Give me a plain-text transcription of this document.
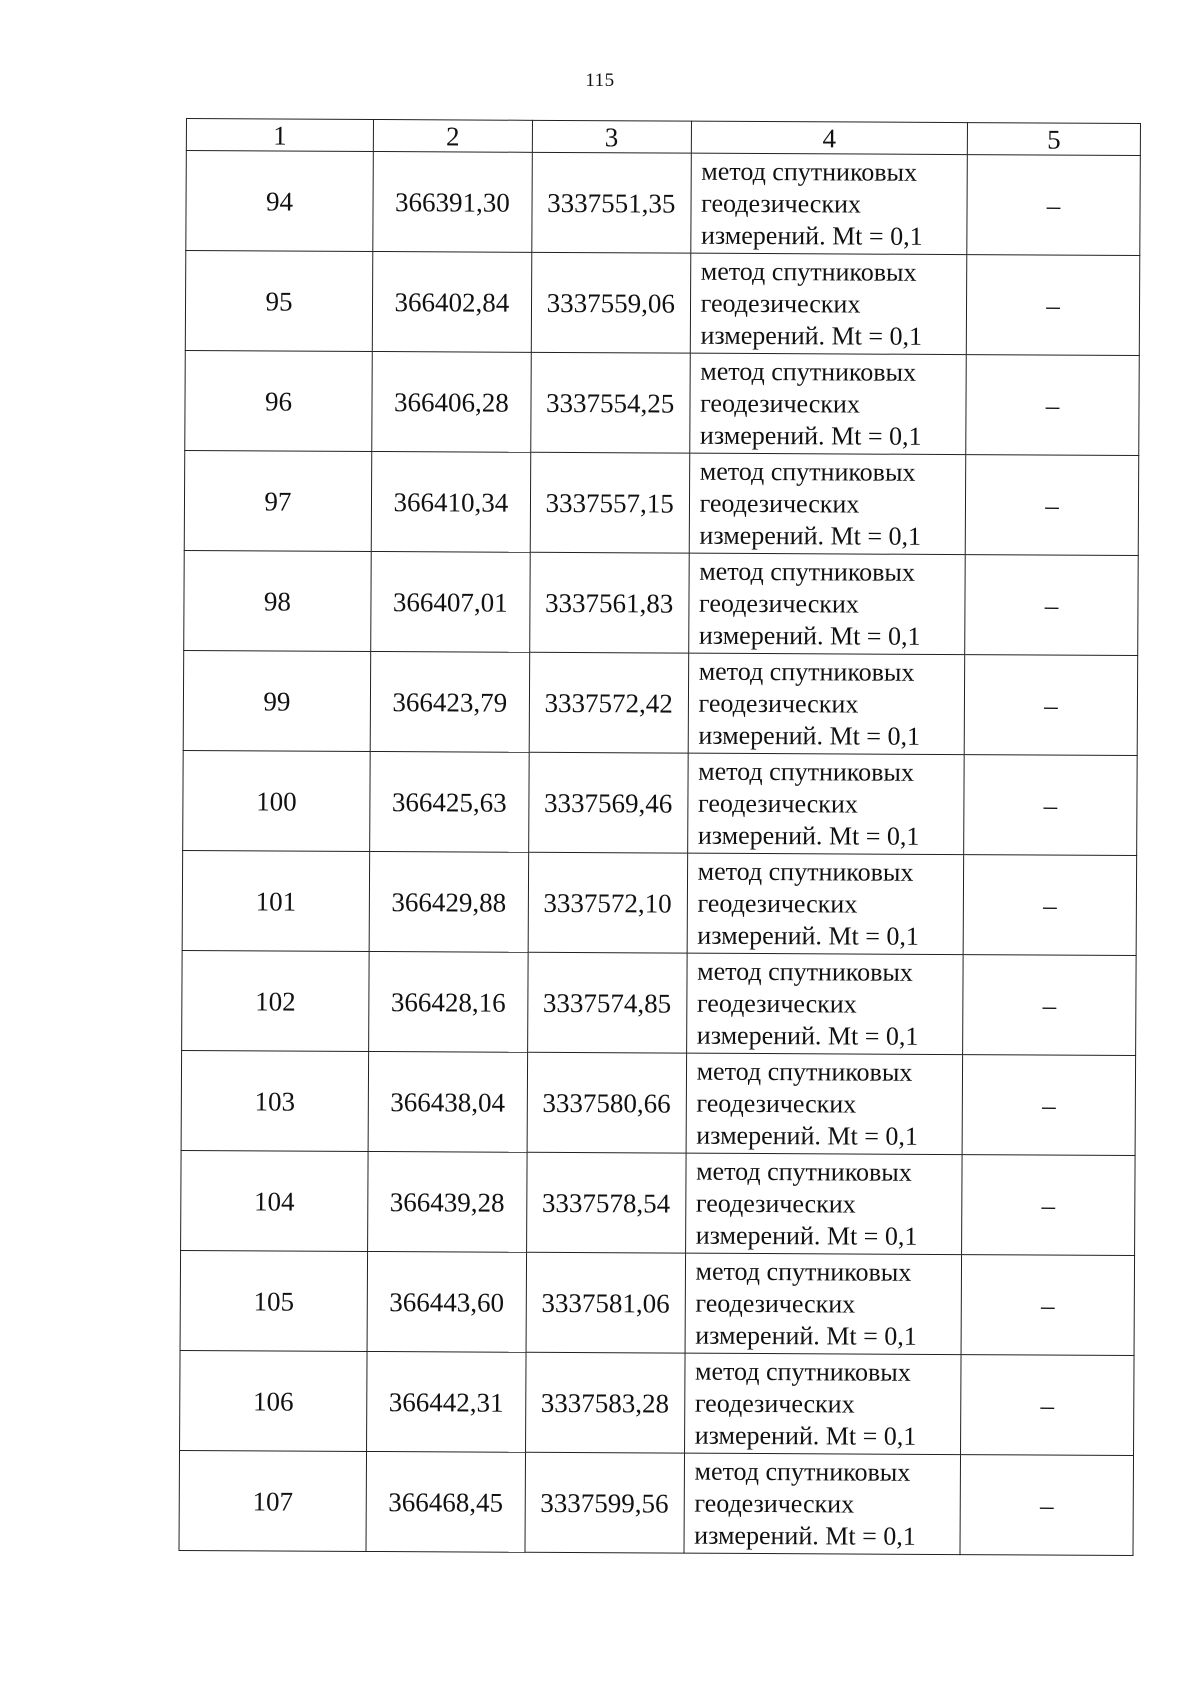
115
1	2	3	4	5
94	366391,30	3337551,35	метод спутниковых
геодезических
измерений. Mt = 0,1	–
95	366402,84	3337559,06	метод спутниковых
геодезических
измерений. Mt = 0,1	–
96	366406,28	3337554,25	метод спутниковых
геодезических
измерений. Mt = 0,1	–
97	366410,34	3337557,15	метод спутниковых
геодезических
измерений. Mt = 0,1	–
98	366407,01	3337561,83	метод спутниковых
геодезических
измерений. Mt = 0,1	–
99	366423,79	3337572,42	метод спутниковых
геодезических
измерений. Mt = 0,1	–
100	366425,63	3337569,46	метод спутниковых
геодезических
измерений. Mt = 0,1	–
101	366429,88	3337572,10	метод спутниковых
геодезических
измерений. Mt = 0,1	–
102	366428,16	3337574,85	метод спутниковых
геодезических
измерений. Mt = 0,1	–
103	366438,04	3337580,66	метод спутниковых
геодезических
измерений. Mt = 0,1	–
104	366439,28	3337578,54	метод спутниковых
геодезических
измерений. Mt = 0,1	–
105	366443,60	3337581,06	метод спутниковых
геодезических
измерений. Mt = 0,1	–
106	366442,31	3337583,28	метод спутниковых
геодезических
измерений. Mt = 0,1	–
107	366468,45	3337599,56	метод спутниковых
геодезических
измерений. Mt = 0,1	–
